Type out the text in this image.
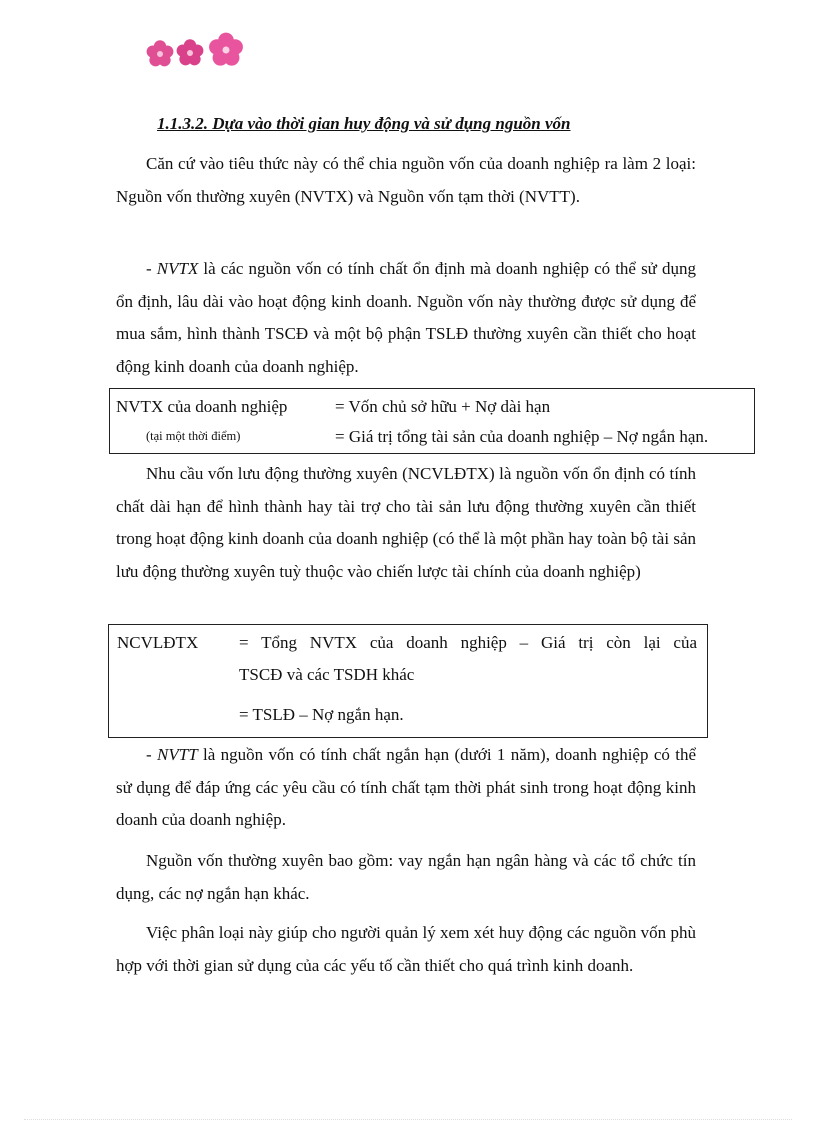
1.1.3.2. Dựa vào thời gian huy động và sử dụng nguồn vốn

Căn cứ vào tiêu thức này có thể chia nguồn vốn của doanh nghiệp ra làm 2 loại: Nguồn vốn thường xuyên (NVTX) và Nguồn vốn tạm thời (NVTT).

- NVTX là các nguồn vốn có tính chất ổn định mà doanh nghiệp có thể sử dụng ổn định, lâu dài vào hoạt động kinh doanh. Nguồn vốn này thường được sử dụng để mua sắm, hình thành TSCĐ và một bộ phận TSLĐ thường xuyên cần thiết cho hoạt động kinh doanh của doanh nghiệp.

NVTX của doanh nghiệp
(tại một thời điểm)
= Vốn chủ sở hữu + Nợ dài hạn
= Giá trị tổng tài sản của doanh nghiệp – Nợ ngắn hạn.

Nhu cầu vốn lưu động thường xuyên (NCVLĐTX) là nguồn vốn ổn định có tính chất dài hạn để hình thành hay tài trợ cho tài sản lưu động thường xuyên cần thiết trong hoạt động kinh doanh của doanh nghiệp (có thể là một phần hay toàn bộ tài sản lưu động thường xuyên tuỳ thuộc vào chiến lược tài chính của doanh nghiệp)

NCVLĐTX = Tổng NVTX của doanh nghiệp – Giá trị còn lại của
TSCĐ và các TSDH khác
= TSLĐ – Nợ ngắn hạn.

- NVTT là nguồn vốn có tính chất ngắn hạn (dưới 1 năm), doanh nghiệp có thể sử dụng để đáp ứng các yêu cầu có tính chất tạm thời phát sinh trong hoạt động kinh doanh của doanh nghiệp.

Nguồn vốn thường xuyên bao gồm: vay ngắn hạn ngân hàng và các tổ chức tín dụng, các nợ ngắn hạn khác.

Việc phân loại này giúp cho người quản lý xem xét huy động các nguồn vốn phù hợp với thời gian sử dụng của các yếu tố cần thiết cho quá trình kinh doanh.
